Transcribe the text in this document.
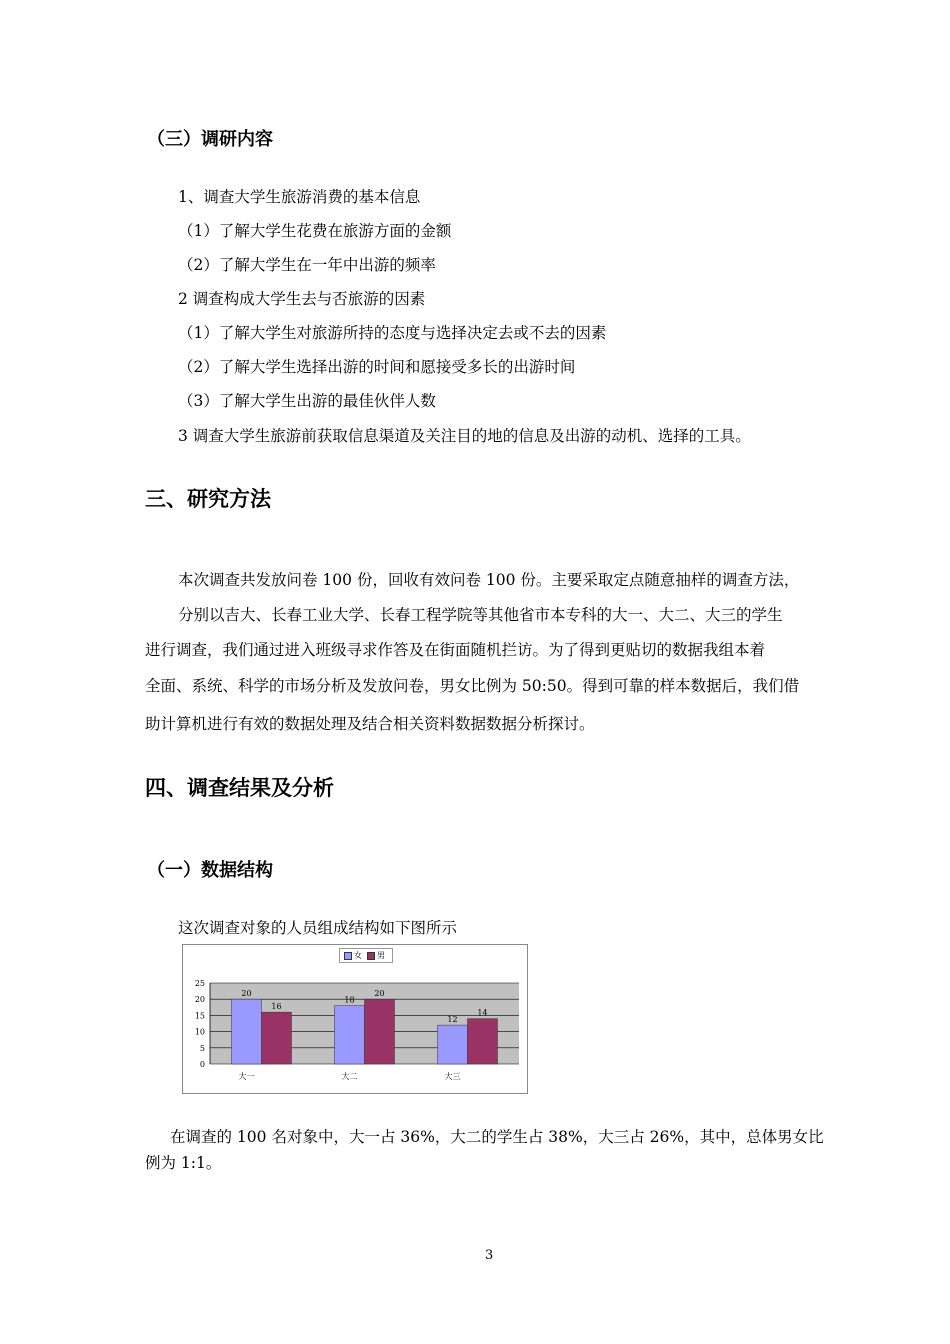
（三）调研内容
1、调查大学生旅游消费的基本信息
（1）了解大学生花费在旅游方面的金额
（2）了解大学生在一年中出游的频率
2 调查构成大学生去与否旅游的因素
（1）了解大学生对旅游所持的态度与选择决定去或不去的因素
（2）了解大学生选择出游的时间和愿接受多长的出游时间
（3）了解大学生出游的最佳伙伴人数
3 调查大学生旅游前获取信息渠道及关注目的地的信息及出游的动机、选择的工具。
三、研究方法
本次调查共发放问卷 100 份，回收有效问卷 100 份。主要采取定点随意抽样的调查方法，
分别以吉大、长春工业大学、长春工程学院等其他省市本专科的大一、大二、大三的学生
进行调查，我们通过进入班级寻求作答及在街面随机拦访。为了得到更贴切的数据我组本着
全面、系统、科学的市场分析及发放问卷，男女比例为 50:50。得到可靠的样本数据后，我们借
助计算机进行有效的数据处理及结合相关资料数据数据分析探讨。
四、调查结果及分析
（一）数据结构
这次调查对象的人员组成结构如下图所示
女 男
0
5
10
15
20
25
20
16
大一
18
20
大二
12
14
大三
在调查的 100 名对象中，大一占 36%，大二的学生占 38%，大三占 26%，其中，总体男女比
例为 1:1。
3
